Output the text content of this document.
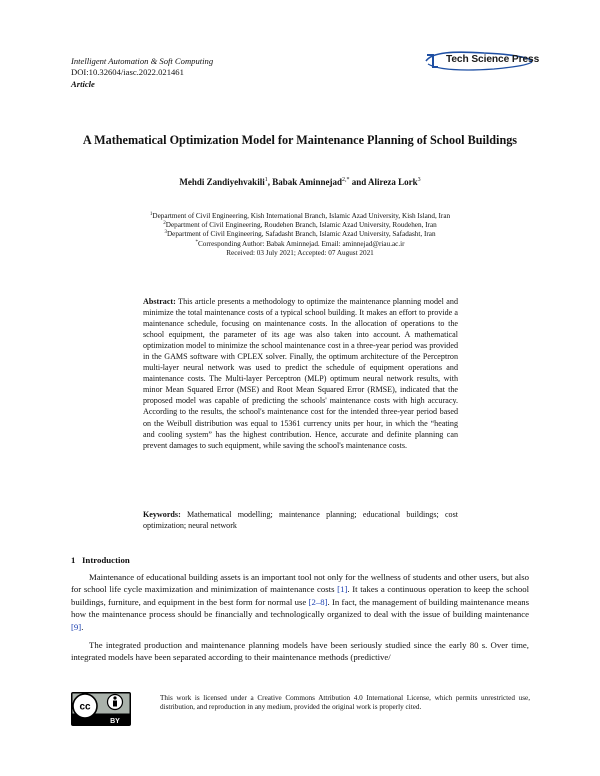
Intelligent Automation & Soft Computing
DOI:10.32604/iasc.2022.021461
Article
Tech Science Press
A Mathematical Optimization Model for Maintenance Planning of School Buildings
Mehdi Zandiyehvakili$^1$, Babak Aminnejad$^{2,*}$ and Alireza Lork$^3$
$^1$Department of Civil Engineering, Kish International Branch, Islamic Azad University, Kish Island, Iran
$^2$Department of Civil Engineering, Roudehen Branch, Islamic Azad University, Roudehen, Iran
$^3$Department of Civil Engineering, Safadasht Branch, Islamic Azad University, Safadasht, Iran
*Corresponding Author: Babak Aminnejad. Email: aminnejad@riau.ac.ir
Received: 03 July 2021; Accepted: 07 August 2021
Abstract: This article presents a methodology to optimize the maintenance planning model and minimize the total maintenance costs of a typical school building. It makes an effort to provide a maintenance schedule, focusing on maintenance costs. In the allocation of operations to the school equipment, the parameter of its age was also taken into account. A mathematical optimization model to minimize the school maintenance cost in a three-year period was provided in the GAMS software with CPLEX solver. Finally, the optimum architecture of the Perceptron multi-layer neural network was used to predict the schedule of equipment operations and maintenance costs. The Multi-layer Perceptron (MLP) optimum neural network results, with minor Mean Squared Error (MSE) and Root Mean Squared Error (RMSE), indicated that the proposed model was capable of predicting the schools' maintenance costs with high accuracy. According to the results, the school's maintenance cost for the intended three-year period based on the Weibull distribution was equal to 15361 currency units per hour, in which the “heating and cooling system” has the highest contribution. Hence, accurate and definite planning can prevent damages to such equipment, while saving the school's maintenance costs.
Keywords: Mathematical modelling; maintenance planning; educational buildings; cost optimization; neural network
1 Introduction

Maintenance of educational building assets is an important tool not only for the wellness of students and other users, but also for school life cycle maximization and minimization of maintenance costs [1]. It takes a continuous operation to keep the school buildings, furniture, and equipment in the best form for normal use [2–8]. In fact, the management of building maintenance means how the maintenance process should be financially and technologically organized to deal with the issue of building maintenance [9].

The integrated production and maintenance planning models have been seriously studied since the early 80 s. Over time, integrated models have been separated according to their maintenance methods (predictive/

cc
BY
This work is licensed under a Creative Commons Attribution 4.0 International License, which permits unrestricted use, distribution, and reproduction in any medium, provided the original work is properly cited.
